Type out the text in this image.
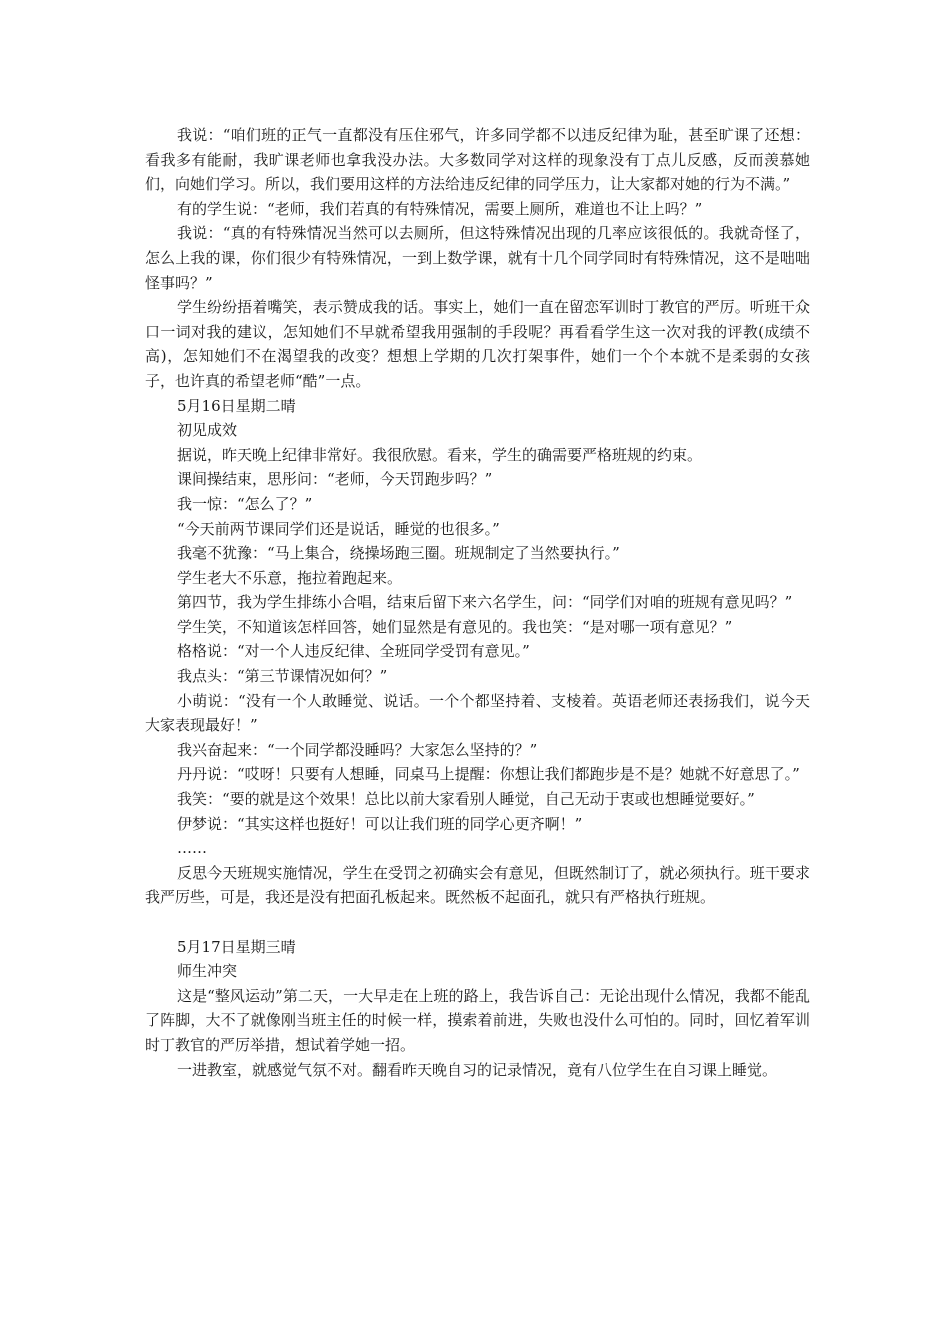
我说：“咱们班的正气一直都没有压住邪气，许多同学都不以违反纪律为耻，甚至旷课了还想：看我多有能耐，我旷课老师也拿我没办法。大多数同学对这样的现象没有丁点儿反感，反而羡慕她们，向她们学习。所以，我们要用这样的方法给违反纪律的同学压力，让大家都对她的行为不满。”

有的学生说：“老师，我们若真的有特殊情况，需要上厕所，难道也不让上吗？”

我说：“真的有特殊情况当然可以去厕所，但这特殊情况出现的几率应该很低的。我就奇怪了，怎么上我的课，你们很少有特殊情况，一到上数学课，就有十几个同学同时有特殊情况，这不是咄咄怪事吗？”

学生纷纷捂着嘴笑，表示赞成我的话。事实上，她们一直在留恋军训时丁教官的严厉。听班干众口一词对我的建议，怎知她们不早就希望我用强制的手段呢？再看看学生这一次对我的评教(成绩不高)，怎知她们不在渴望我的改变？想想上学期的几次打架事件，她们一个个本就不是柔弱的女孩子，也许真的希望老师“酷”一点。

5月16日星期二晴

初见成效

据说，昨天晚上纪律非常好。我很欣慰。看来，学生的确需要严格班规的约束。

课间操结束，思彤问：“老师，今天罚跑步吗？”

我一惊：“怎么了？”

“今天前两节课同学们还是说话，睡觉的也很多。”

我毫不犹豫：“马上集合，绕操场跑三圈。班规制定了当然要执行。”

学生老大不乐意，拖拉着跑起来。

第四节，我为学生排练小合唱，结束后留下来六名学生，问：“同学们对咱的班规有意见吗？”

学生笑，不知道该怎样回答，她们显然是有意见的。我也笑：“是对哪一项有意见？”

格格说：“对一个人违反纪律、全班同学受罚有意见。”

我点头：“第三节课情况如何？”

小萌说：“没有一个人敢睡觉、说话。一个个都坚持着、支棱着。英语老师还表扬我们，说今天大家表现最好！”

我兴奋起来：“一个同学都没睡吗？大家怎么坚持的？”

丹丹说：“哎呀！只要有人想睡，同桌马上提醒：你想让我们都跑步是不是？她就不好意思了。”

我笑：“要的就是这个效果！总比以前大家看别人睡觉，自己无动于衷或也想睡觉要好。”

伊梦说：“其实这样也挺好！可以让我们班的同学心更齐啊！”

……

反思今天班规实施情况，学生在受罚之初确实会有意见，但既然制订了，就必须执行。班干要求我严厉些，可是，我还是没有把面孔板起来。既然板不起面孔，就只有严格执行班规。

5月17日星期三晴

师生冲突

这是“整风运动”第二天，一大早走在上班的路上，我告诉自己：无论出现什么情况，我都不能乱了阵脚，大不了就像刚当班主任的时候一样，摸索着前进，失败也没什么可怕的。同时，回忆着军训时丁教官的严厉举措，想试着学她一招。

一进教室，就感觉气氛不对。翻看昨天晚自习的记录情况，竟有八位学生在自习课上睡觉。
